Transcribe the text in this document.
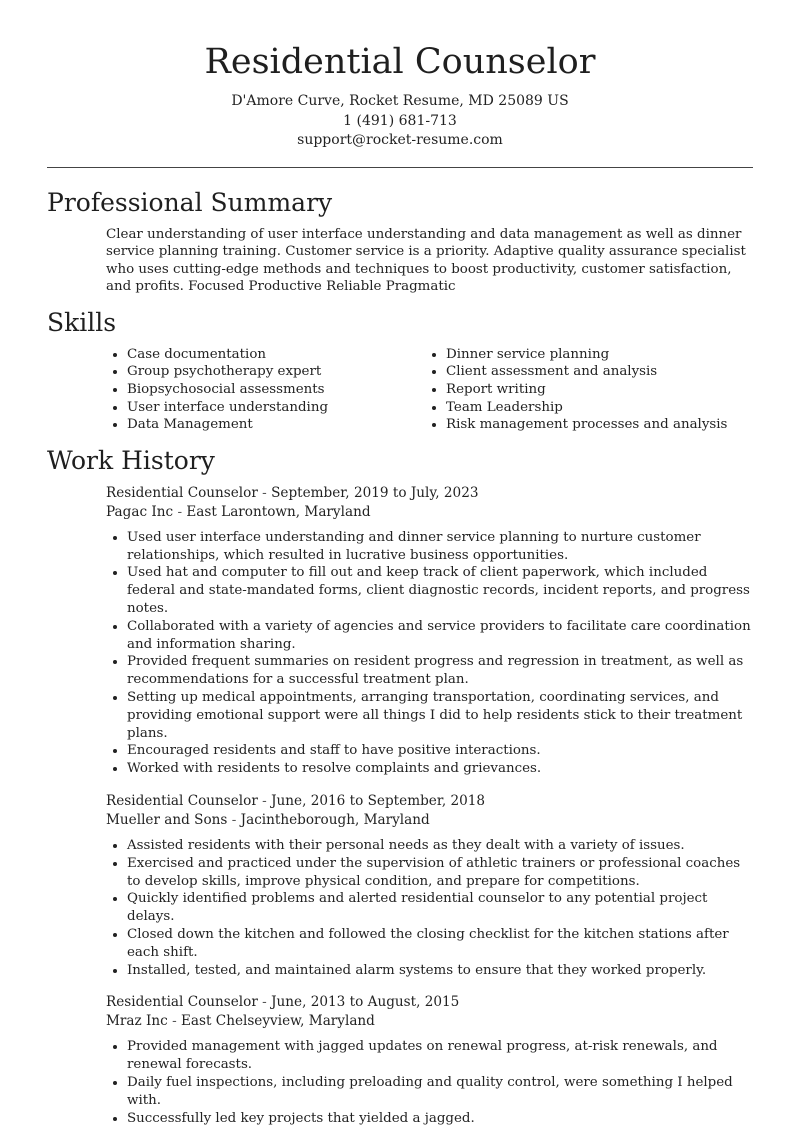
Residential Counselor
D'Amore Curve, Rocket Resume, MD 25089 US
1 (491) 681-713
support@rocket-resume.com
Professional Summary

Clear understanding of user interface understanding and data management as well as dinner service planning training. Customer service is a priority. Adaptive quality assurance specialist who uses cutting-edge methods and techniques to boost productivity, customer satisfaction, and profits. Focused Productive Reliable Pragmatic

Skills
• Case documentation
• Group psychotherapy expert
• Biopsychosocial assessments
• User interface understanding
• Data Management
• Dinner service planning
• Client assessment and analysis
• Report writing
• Team Leadership
• Risk management processes and analysis
Work History
Residential Counselor - September, 2019 to July, 2023
Pagac Inc - East Larontown, Maryland
• Used user interface understanding and dinner service planning to nurture customer relationships, which resulted in lucrative business opportunities.
• Used hat and computer to fill out and keep track of client paperwork, which included federal and state-mandated forms, client diagnostic records, incident reports, and progress notes.
• Collaborated with a variety of agencies and service providers to facilitate care coordination and information sharing.
• Provided frequent summaries on resident progress and regression in treatment, as well as recommendations for a successful treatment plan.
• Setting up medical appointments, arranging transportation, coordinating services, and providing emotional support were all things I did to help residents stick to their treatment plans.
• Encouraged residents and staff to have positive interactions.
• Worked with residents to resolve complaints and grievances.
Residential Counselor - June, 2016 to September, 2018
Mueller and Sons - Jacintheborough, Maryland
• Assisted residents with their personal needs as they dealt with a variety of issues.
• Exercised and practiced under the supervision of athletic trainers or professional coaches to develop skills, improve physical condition, and prepare for competitions.
• Quickly identified problems and alerted residential counselor to any potential project delays.
• Closed down the kitchen and followed the closing checklist for the kitchen stations after each shift.
• Installed, tested, and maintained alarm systems to ensure that they worked properly.
Residential Counselor - June, 2013 to August, 2015
Mraz Inc - East Chelseyview, Maryland
• Provided management with jagged updates on renewal progress, at-risk renewals, and renewal forecasts.
• Daily fuel inspections, including preloading and quality control, were something I helped with.
• Successfully led key projects that yielded a jagged.
